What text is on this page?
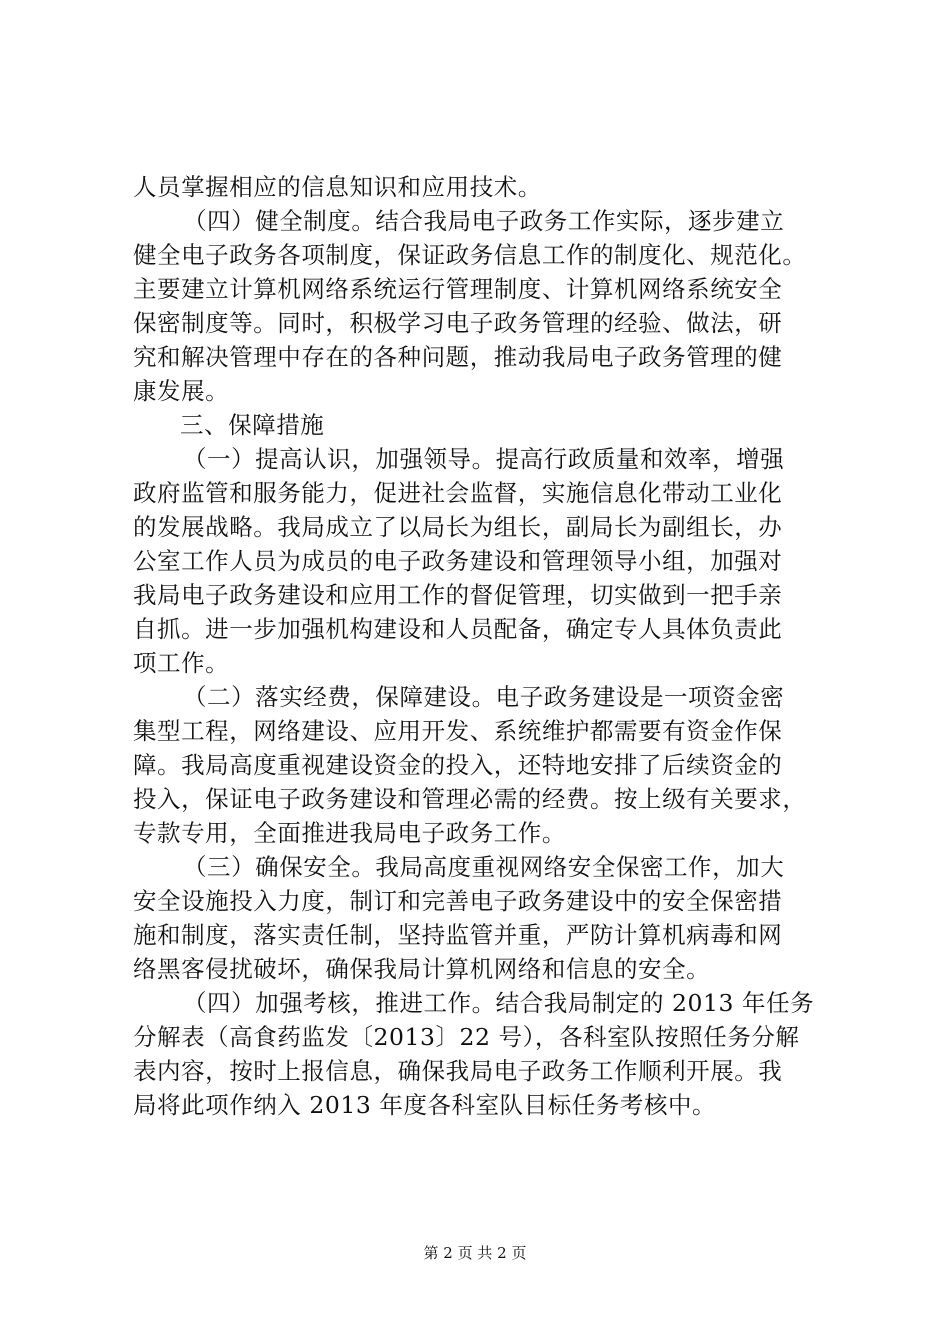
人员掌握相应的信息知识和应用技术。
（四）健全制度。结合我局电子政务工作实际，逐步建立
健全电子政务各项制度，保证政务信息工作的制度化、规范化。
主要建立计算机网络系统运行管理制度、计算机网络系统安全
保密制度等。同时，积极学习电子政务管理的经验、做法，研
究和解决管理中存在的各种问题，推动我局电子政务管理的健
康发展。
三、保障措施
（一）提高认识，加强领导。提高行政质量和效率，增强
政府监管和服务能力，促进社会监督，实施信息化带动工业化
的发展战略。我局成立了以局长为组长，副局长为副组长，办
公室工作人员为成员的电子政务建设和管理领导小组，加强对
我局电子政务建设和应用工作的督促管理，切实做到一把手亲
自抓。进一步加强机构建设和人员配备，确定专人具体负责此
项工作。
（二）落实经费，保障建设。电子政务建设是一项资金密
集型工程，网络建设、应用开发、系统维护都需要有资金作保
障。我局高度重视建设资金的投入，还特地安排了后续资金的
投入，保证电子政务建设和管理必需的经费。按上级有关要求，
专款专用，全面推进我局电子政务工作。
（三）确保安全。我局高度重视网络安全保密工作，加大
安全设施投入力度，制订和完善电子政务建设中的安全保密措
施和制度，落实责任制，坚持监管并重，严防计算机病毒和网
络黑客侵扰破坏，确保我局计算机网络和信息的安全。
（四）加强考核，推进工作。结合我局制定的 2013 年任务
分解表（高食药监发〔2013〕22 号），各科室队按照任务分解
表内容，按时上报信息，确保我局电子政务工作顺利开展。我
局将此项作纳入 2013 年度各科室队目标任务考核中。
第 2 页 共 2 页
